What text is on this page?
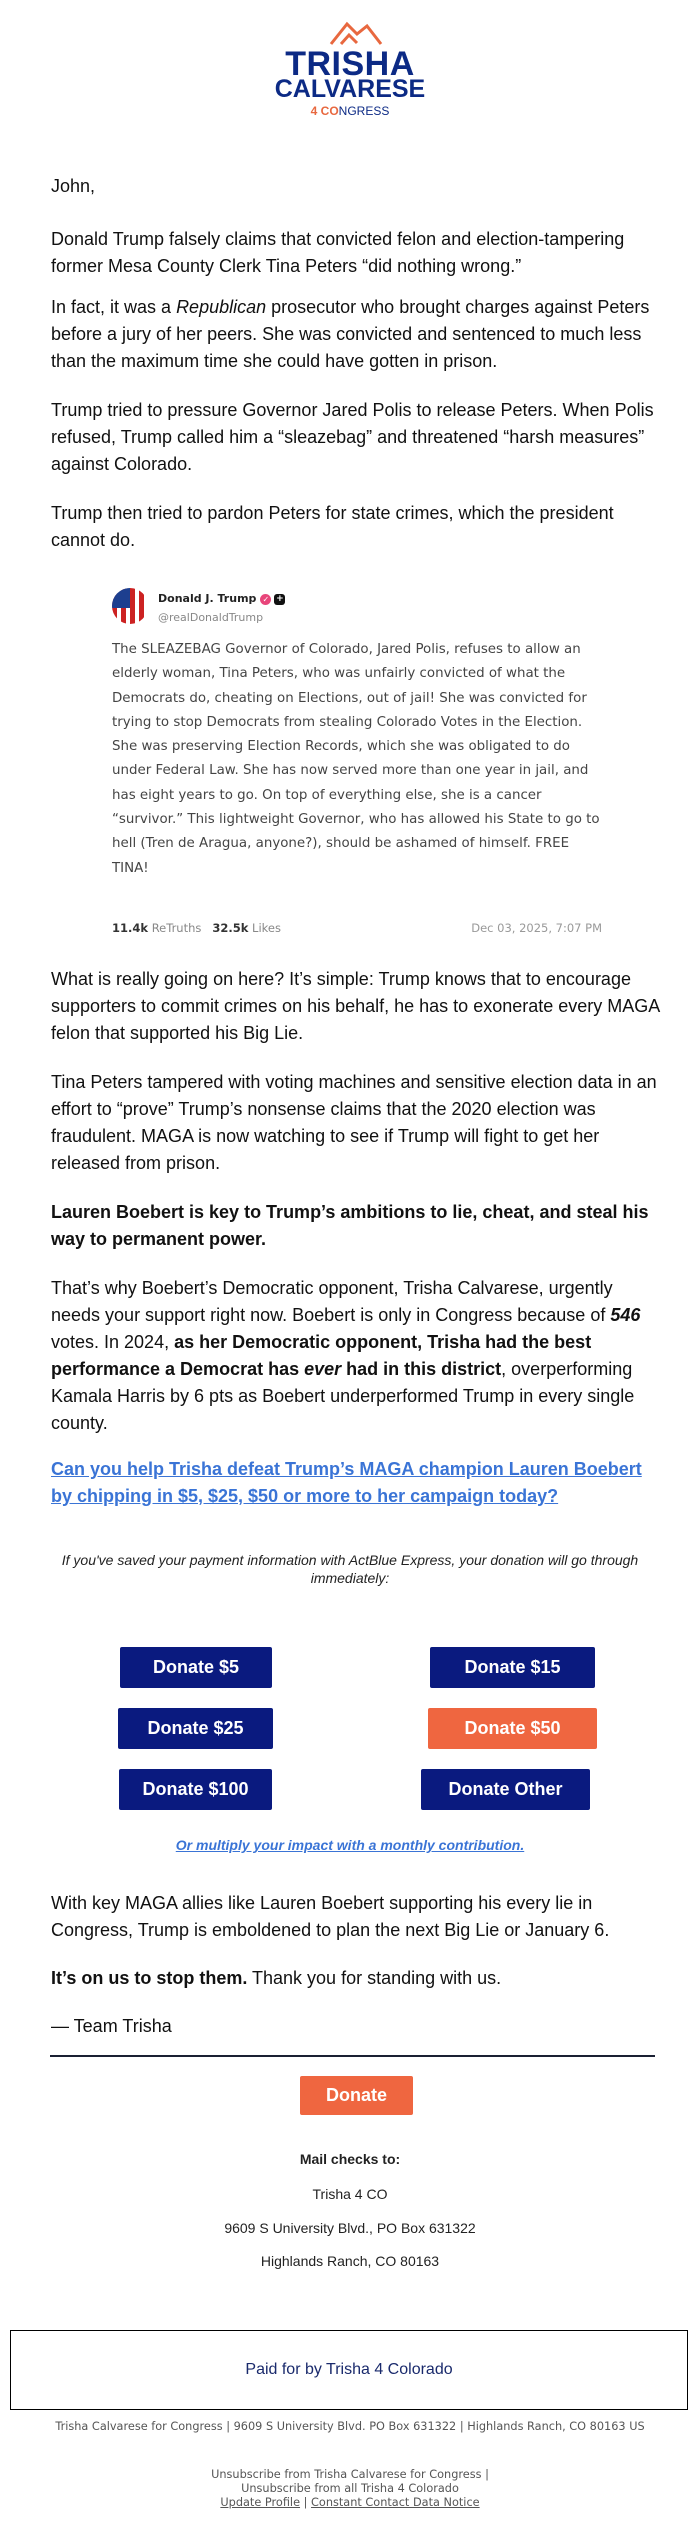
TRISHA
CALVARESE
4 CONGRESS
John,
Donald Trump falsely claims that convicted felon and election-tampering former Mesa County Clerk Tina Peters “did nothing wrong.”
In fact, it was a Republican prosecutor who brought charges against Peters before a jury of her peers. She was convicted and sentenced to much less than the maximum time she could have gotten in prison.
Trump tried to pressure Governor Jared Polis to release Peters. When Polis refused, Trump called him a “sleazebag” and threatened “harsh measures” against Colorado.
Trump then tried to pardon Peters for state crimes, which the president cannot do.
Donald J. Trump ✓ +
@realDonaldTrump
The SLEAZEBAG Governor of Colorado, Jared Polis, refuses to allow an elderly woman, Tina Peters, who was unfairly convicted of what the Democrats do, cheating on Elections, out of jail! She was convicted for trying to stop Democrats from stealing Colorado Votes in the Election. She was preserving Election Records, which she was obligated to do under Federal Law. She has now served more than one year in jail, and has eight years to go. On top of everything else, she is a cancer “survivor.” This lightweight Governor, who has allowed his State to go to hell (Tren de Aragua, anyone?), should be ashamed of himself. FREE TINA!
11.4k ReTruths 32.5k Likes	Dec 03, 2025, 7:07 PM
What is really going on here? It’s simple: Trump knows that to encourage supporters to commit crimes on his behalf, he has to exonerate every MAGA felon that supported his Big Lie.
Tina Peters tampered with voting machines and sensitive election data in an effort to “prove” Trump’s nonsense claims that the 2020 election was fraudulent. MAGA is now watching to see if Trump will fight to get her released from prison.
Lauren Boebert is key to Trump’s ambitions to lie, cheat, and steal his way to permanent power.
That’s why Boebert’s Democratic opponent, Trisha Calvarese, urgently needs your support right now. Boebert is only in Congress because of 546 votes. In 2024, as her Democratic opponent, Trisha had the best performance a Democrat has ever had in this district, overperforming Kamala Harris by 6 pts as Boebert underperformed Trump in every single county.
Can you help Trisha defeat Trump’s MAGA champion Lauren Boebert by chipping in $5, $25, $50 or more to her campaign today?
If you've saved your payment information with ActBlue Express, your donation will go through immediately:
Donate $5	Donate $15
Donate $25	Donate $50
Donate $100	Donate Other
Or multiply your impact with a monthly contribution.
With key MAGA allies like Lauren Boebert supporting his every lie in Congress, Trump is emboldened to plan the next Big Lie or January 6.
It’s on us to stop them. Thank you for standing with us.
— Team Trisha
Donate
Mail checks to:
Trisha 4 CO
9609 S University Blvd., PO Box 631322
Highlands Ranch, CO 80163
Paid for by Trisha 4 Colorado
Trisha Calvarese for Congress | 9609 S University Blvd. PO Box 631322 | Highlands Ranch, CO 80163 US
Unsubscribe from Trisha Calvarese for Congress |
Unsubscribe from all Trisha 4 Colorado
Update Profile | Constant Contact Data Notice
